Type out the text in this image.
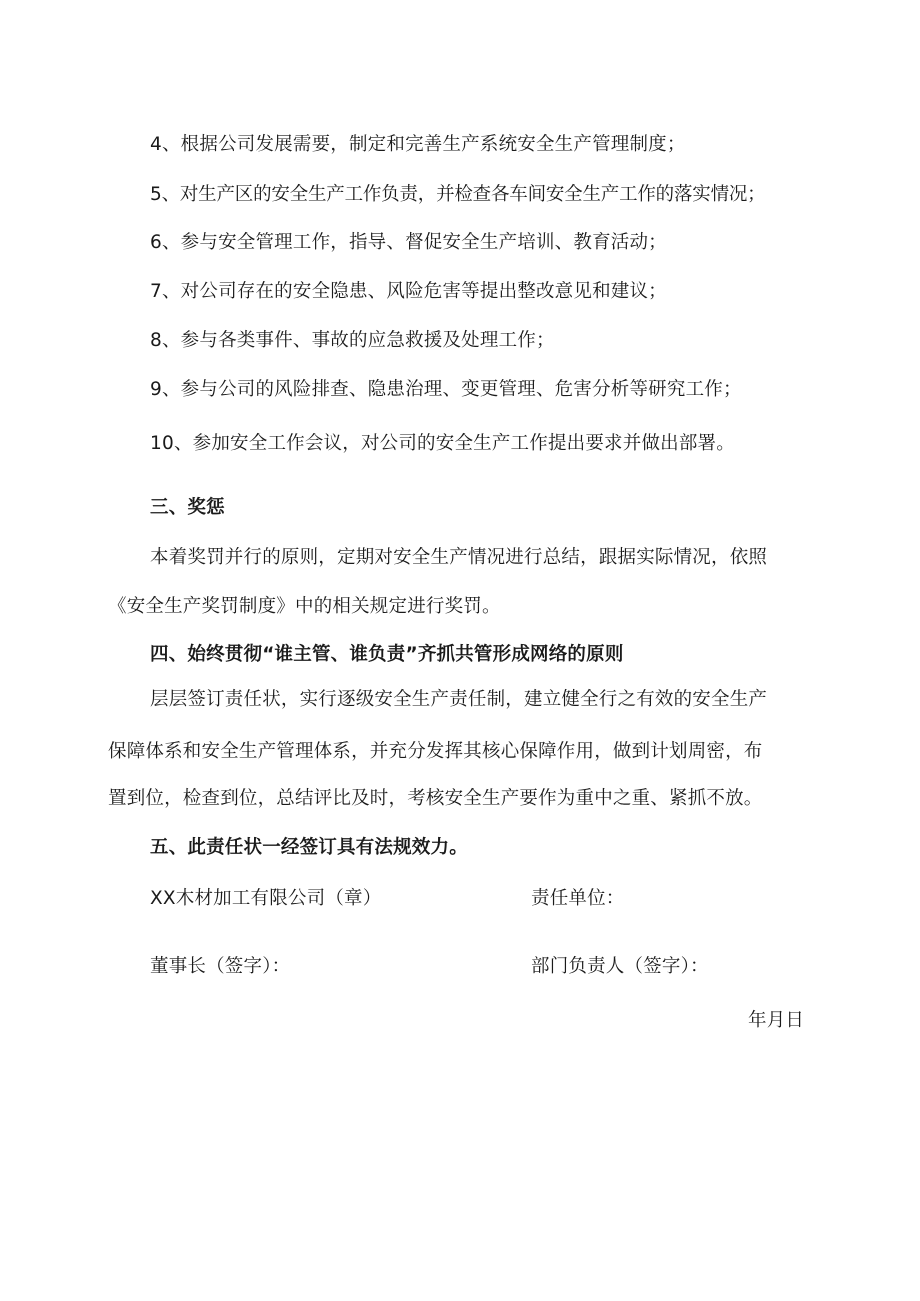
4、根据公司发展需要，制定和完善生产系统安全生产管理制度；
5、对生产区的安全生产工作负责，并检查各车间安全生产工作的落实情况；
6、参与安全管理工作，指导、督促安全生产培训、教育活动；
7、对公司存在的安全隐患、风险危害等提出整改意见和建议；
8、参与各类事件、事故的应急救援及处理工作；
9、参与公司的风险排查、隐患治理、变更管理、危害分析等研究工作；
10、参加安全工作会议，对公司的安全生产工作提出要求并做出部署。
三、奖惩
本着奖罚并行的原则，定期对安全生产情况进行总结，跟据实际情况，依照
《安全生产奖罚制度》中的相关规定进行奖罚。
四、始终贯彻“谁主管、谁负责”齐抓共管形成网络的原则
层层签订责任状，实行逐级安全生产责任制，建立健全行之有效的安全生产
保障体系和安全生产管理体系，并充分发挥其核心保障作用，做到计划周密，布
置到位，检查到位，总结评比及时，考核安全生产要作为重中之重、紧抓不放。
五、此责任状一经签订具有法规效力。
XX木材加工有限公司（章）	责任单位：
董事长（签字）：	部门负责人（签字）：
年月日
